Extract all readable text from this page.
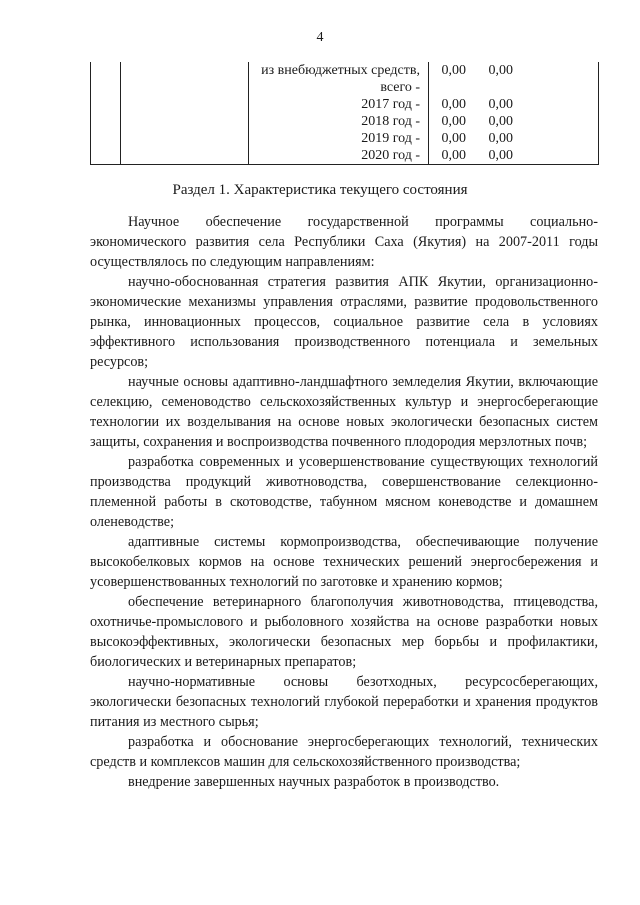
4
		из внебюджетных средств, всего -	0,00	0,00
		2017 год -	0,00	0,00
		2018 год -	0,00	0,00
		2019 год -	0,00	0,00
		2020 год -	0,00	0,00
Раздел 1. Характеристика текущего состояния

Научное обеспечение государственной программы социально-экономического развития села Республики Саха (Якутия) на 2007-2011 годы осуществлялось по следующим направлениям:

научно-обоснованная стратегия развития АПК Якутии, организационно-экономические механизмы управления отраслями, развитие продовольственного рынка, инновационных процессов, социальное развитие села в условиях эффективного использования производственного потенциала и земельных ресурсов;

научные основы адаптивно-ландшафтного земледелия Якутии, включающие селекцию, семеноводство сельскохозяйственных культур и энергосберегающие технологии их возделывания на основе новых экологически безопасных систем защиты, сохранения и воспроизводства почвенного плодородия мерзлотных почв;

разработка современных и усовершенствование существующих технологий производства продукций животноводства, совершенствование селекционно-племенной работы в скотоводстве, табунном мясном коневодстве и домашнем оленеводстве;

адаптивные системы кормопроизводства, обеспечивающие получение высокобелковых кормов на основе технических решений энергосбережения и усовершенствованных технологий по заготовке и хранению кормов;

обеспечение ветеринарного благополучия животноводства, птицеводства, охотничье-промыслового и рыболовного хозяйства на основе разработки новых высокоэффективных, экологически безопасных мер борьбы и профилактики, биологических и ветеринарных препаратов;

научно-нормативные основы безотходных, ресурсосберегающих, экологически безопасных технологий глубокой переработки и хранения продуктов питания из местного сырья;

разработка и обоснование энергосберегающих технологий, технических средств и комплексов машин для сельскохозяйственного производства;

внедрение завершенных научных разработок в производство.
